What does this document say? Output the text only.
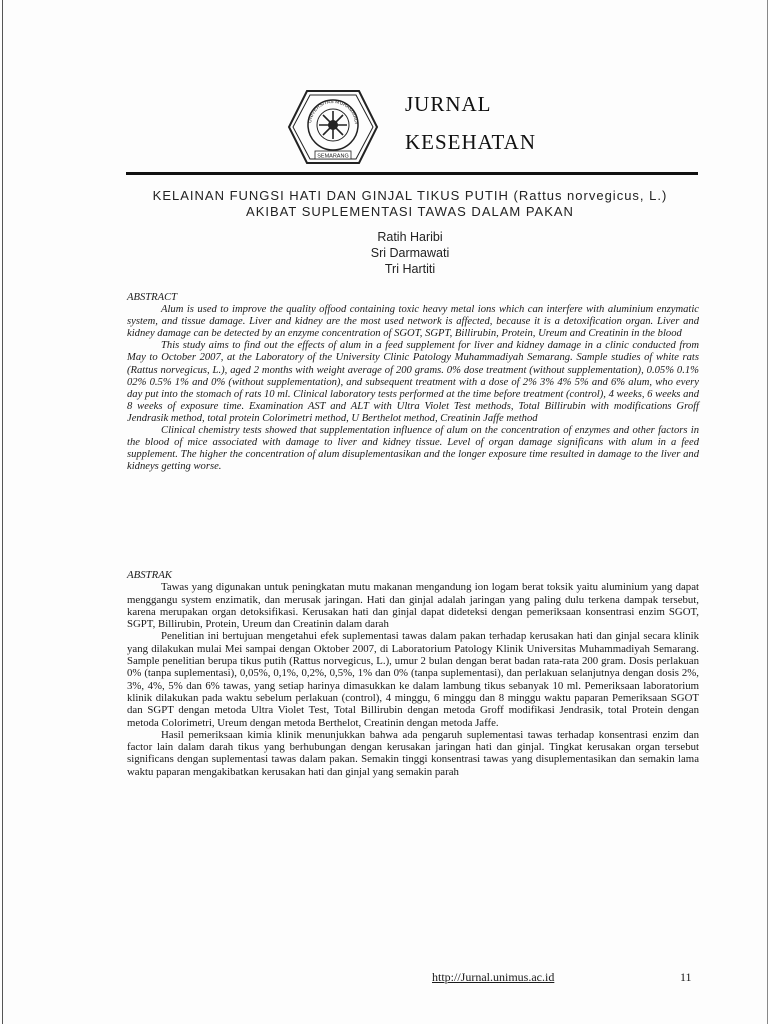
UNIVERSITAS MUHAMMADI
SEMARANG
JURNAL
KESEHATAN
KELAINAN FUNGSI HATI DAN GINJAL TIKUS PUTIH (Rattus norvegicus, L.)
AKIBAT SUPLEMENTASI TAWAS DALAM PAKAN
Ratih Haribi
Sri Darmawati
Tri Hartiti
ABSTRACT

Alum is used to improve the quality offood containing toxic heavy metal ions which can interfere with aluminium enzymatic system, and tissue damage. Liver and kidney are the most used network is affected, because it is a detoxification organ. Liver and kidney damage can be detected by an enzyme concentration of SGOT, SGPT, Billirubin, Protein, Ureum and Creatinin in the blood

This study aims to find out the effects of alum in a feed supplement for liver and kidney damage in a clinic conducted from May to October 2007, at the Laboratory of the University Clinic Patology Muhammadiyah Semarang. Sample studies of white rats (Rattus norvegicus, L.), aged 2 months with weight average of 200 grams. 0% dose treatment (without supplementation), 0.05% 0.1% 02% 0.5% 1% and 0% (without supplementation), and subsequent treatment with a dose of 2% 3% 4% 5% and 6% alum, who every day put into the stomach of rats 10 ml. Clinical laboratory tests performed at the time before treatment (control), 4 weeks, 6 weeks and 8 weeks of exposure time. Examination AST and ALT with Ultra Violet Test methods, Total Billirubin with modifications Groff Jendrasik method, total protein Colorimetri method, U Berthelot method, Creatinin Jaffe method

Clinical chemistry tests showed that supplementation influence of alum on the concentration of enzymes and other factors in the blood of mice associated with damage to liver and kidney tissue. Level of organ damage significans with alum in a feed supplement. The higher the concentration of alum disuplementasikan and the longer exposure time resulted in damage to the liver and kidneys getting worse.

ABSTRAK

Tawas yang digunakan untuk peningkatan mutu makanan mengandung ion logam berat toksik yaitu aluminium yang dapat menggangu system enzimatik, dan merusak jaringan. Hati dan ginjal adalah jaringan yang paling dulu terkena dampak tersebut, karena merupakan organ detoksifikasi. Kerusakan hati dan ginjal dapat dideteksi dengan pemeriksaan konsentrasi enzim SGOT, SGPT, Billirubin, Protein, Ureum dan Creatinin dalam darah

Penelitian ini bertujuan mengetahui efek suplementasi tawas dalam pakan terhadap kerusakan hati dan ginjal secara klinik yang dilakukan mulai Mei sampai dengan Oktober 2007, di Laboratorium Patology Klinik Universitas Muhammadiyah Semarang. Sample penelitian berupa tikus putih (Rattus norvegicus, L.), umur 2 bulan dengan berat badan rata-rata 200 gram. Dosis perlakuan 0% (tanpa suplementasi), 0,05%, 0,1%, 0,2%, 0,5%, 1% dan 0% (tanpa suplementasi), dan perlakuan selanjutnya dengan dosis 2%, 3%, 4%, 5% dan 6% tawas, yang setiap harinya dimasukkan ke dalam lambung tikus sebanyak 10 ml. Pemeriksaan laboratorium klinik dilakukan pada waktu sebelum perlakuan (control), 4 minggu, 6 minggu dan 8 minggu waktu paparan Pemeriksaan SGOT dan SGPT dengan metoda Ultra Violet Test, Total Billirubin dengan metoda Groff modifikasi Jendrasik, total Protein dengan metoda Colorimetri, Ureum dengan metoda Berthelot, Creatinin dengan metoda Jaffe.

Hasil pemeriksaan kimia klinik menunjukkan bahwa ada pengaruh suplementasi tawas terhadap konsentrasi enzim dan factor lain dalam darah tikus yang berhubungan dengan kerusakan jaringan hati dan ginjal. Tingkat kerusakan organ tersebut significans dengan suplementasi tawas dalam pakan. Semakin tinggi konsentrasi tawas yang disuplementasikan dan semakin lama waktu paparan mengakibatkan kerusakan hati dan ginjal yang semakin parah

http://Jurnal.unimus.ac.id	11
